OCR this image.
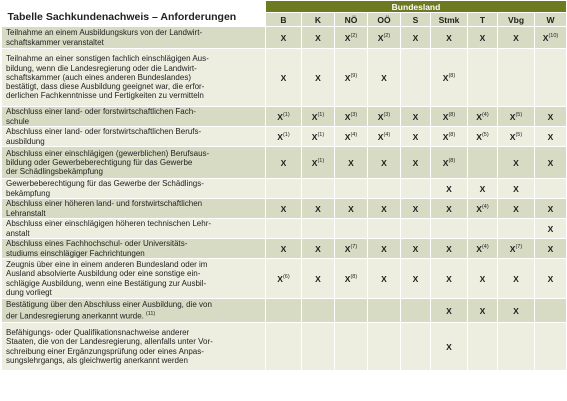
Tabelle Sachkundenachweis – Anforderungen	Bundesland								
	B	K	NÖ	OÖ	S	Stmk	T	Vbg	W
Teilnahme an einem Ausbildungskurs von der Landwirt-
schaftskammer veranstaltet	X	X	$X^{(2)}$	$X^{(2)}$	X	X	X	X	$X^{(10)}$
Teilnahme an einer sonstigen fachlich einschlägigen Aus-
bildung, wenn die Landesregierung oder die Landwirt-
schaftskammer (auch eines anderen Bundeslandes)
bestätigt, dass diese Ausbildung geeignet war, die erfor-
derlichen Fachkenntnisse und Fertigkeiten zu vermitteln	X	X	$X^{(9)}$	X		$X^{(8)}$			
Abschluss einer land- oder forstwirtschaftlichen Fach-
schule	$X^{(1)}$	$X^{(1)}$	$X^{(3)}$	$X^{(3)}$	X	$X^{(8)}$	$X^{(4)}$	$X^{(5)}$	X
Abschluss einer land- oder forstwirtschaftlichen Berufs-
ausbildung	$X^{(1)}$	$X^{(1)}$	$X^{(4)}$	$X^{(4)}$	X	$X^{(8)}$	$X^{(5)}$	$X^{(5)}$	X
Abschluss einer einschlägigen (gewerblichen) Berufsaus-
bildung oder Gewerbeberechtigung für das Gewerbe
der Schädlingsbekämpfung	X	$X^{(1)}$	X	X	X	$X^{(8)}$		X	X
Gewerbeberechtigung für das Gewerbe der Schädlings-
bekämpfung						X	X	X	
Abschluss einer höheren land- und forstwirtschaftlichen
Lehranstalt	X	X	X	X	X	X	$X^{(4)}$	X	X
Abschluss einer einschlägigen höheren technischen Lehr-
anstalt									X
Abschluss eines Fachhochschul- oder Universitäts-
studiums einschlägiger Fachrichtungen	X	X	$X^{(7)}$	X	X	X	$X^{(4)}$	$X^{(7)}$	X
Zeugnis über eine in einem anderen Bundesland oder im
Ausland absolvierte Ausbildung oder eine sonstige ein-
schlägige Ausbildung, wenn eine Bestätigung zur Ausbil-
dung vorliegt	$X^{(6)}$	X	$X^{(8)}$	X	X	X	X	X	X
Bestätigung über den Abschluss einer Ausbildung, die von
der Landesregierung anerkannt wurde. $^{(11)}$						X	X	X	
Befähigungs- oder Qualifikationsnachweise anderer
Staaten, die von der Landesregierung, allenfalls unter Vor-
schreibung einer Ergänzungsprüfung oder eines Anpas-
sungslehrgangs, als gleichwertig anerkannt werden						X			
